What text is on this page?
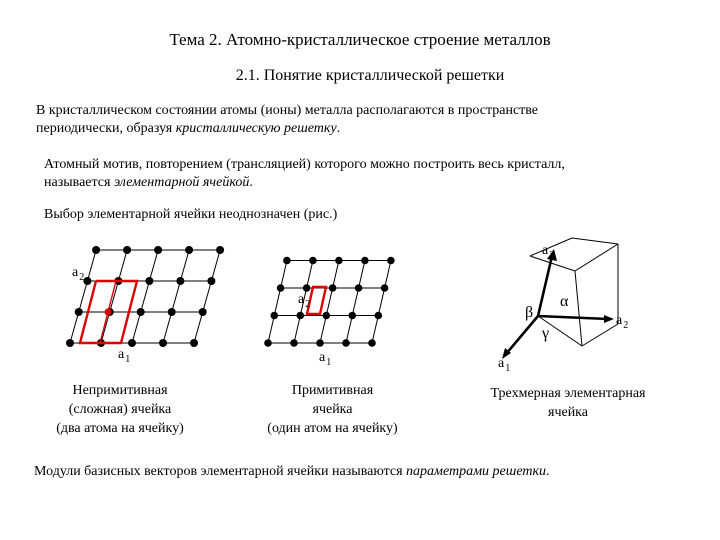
Тема 2. Атомно-кристаллическое строение металлов

2.1. Понятие кристаллической решетки

В кристаллическом состоянии атомы (ионы) металла располагаются в пространстве
периодически, образуя кристаллическую решетку.
Атомный мотив, повторением (трансляцией) которого можно построить весь кристалл,
называется элементарной ячейкой.
Выбор элементарной ячейки неоднозначен (рис.)
$a_2$
$a_1$
Непримитивная
(сложная) ячейка
(два атома на ячейку)
$a_2$
$a_1$
Примитивная
ячейка
(один атом на ячейку)
$a_3$
$a_2$
$a_1$
α
β
γ
Трехмерная элементарная
ячейка
Модули базисных векторов элементарной ячейки называются параметрами решетки.
